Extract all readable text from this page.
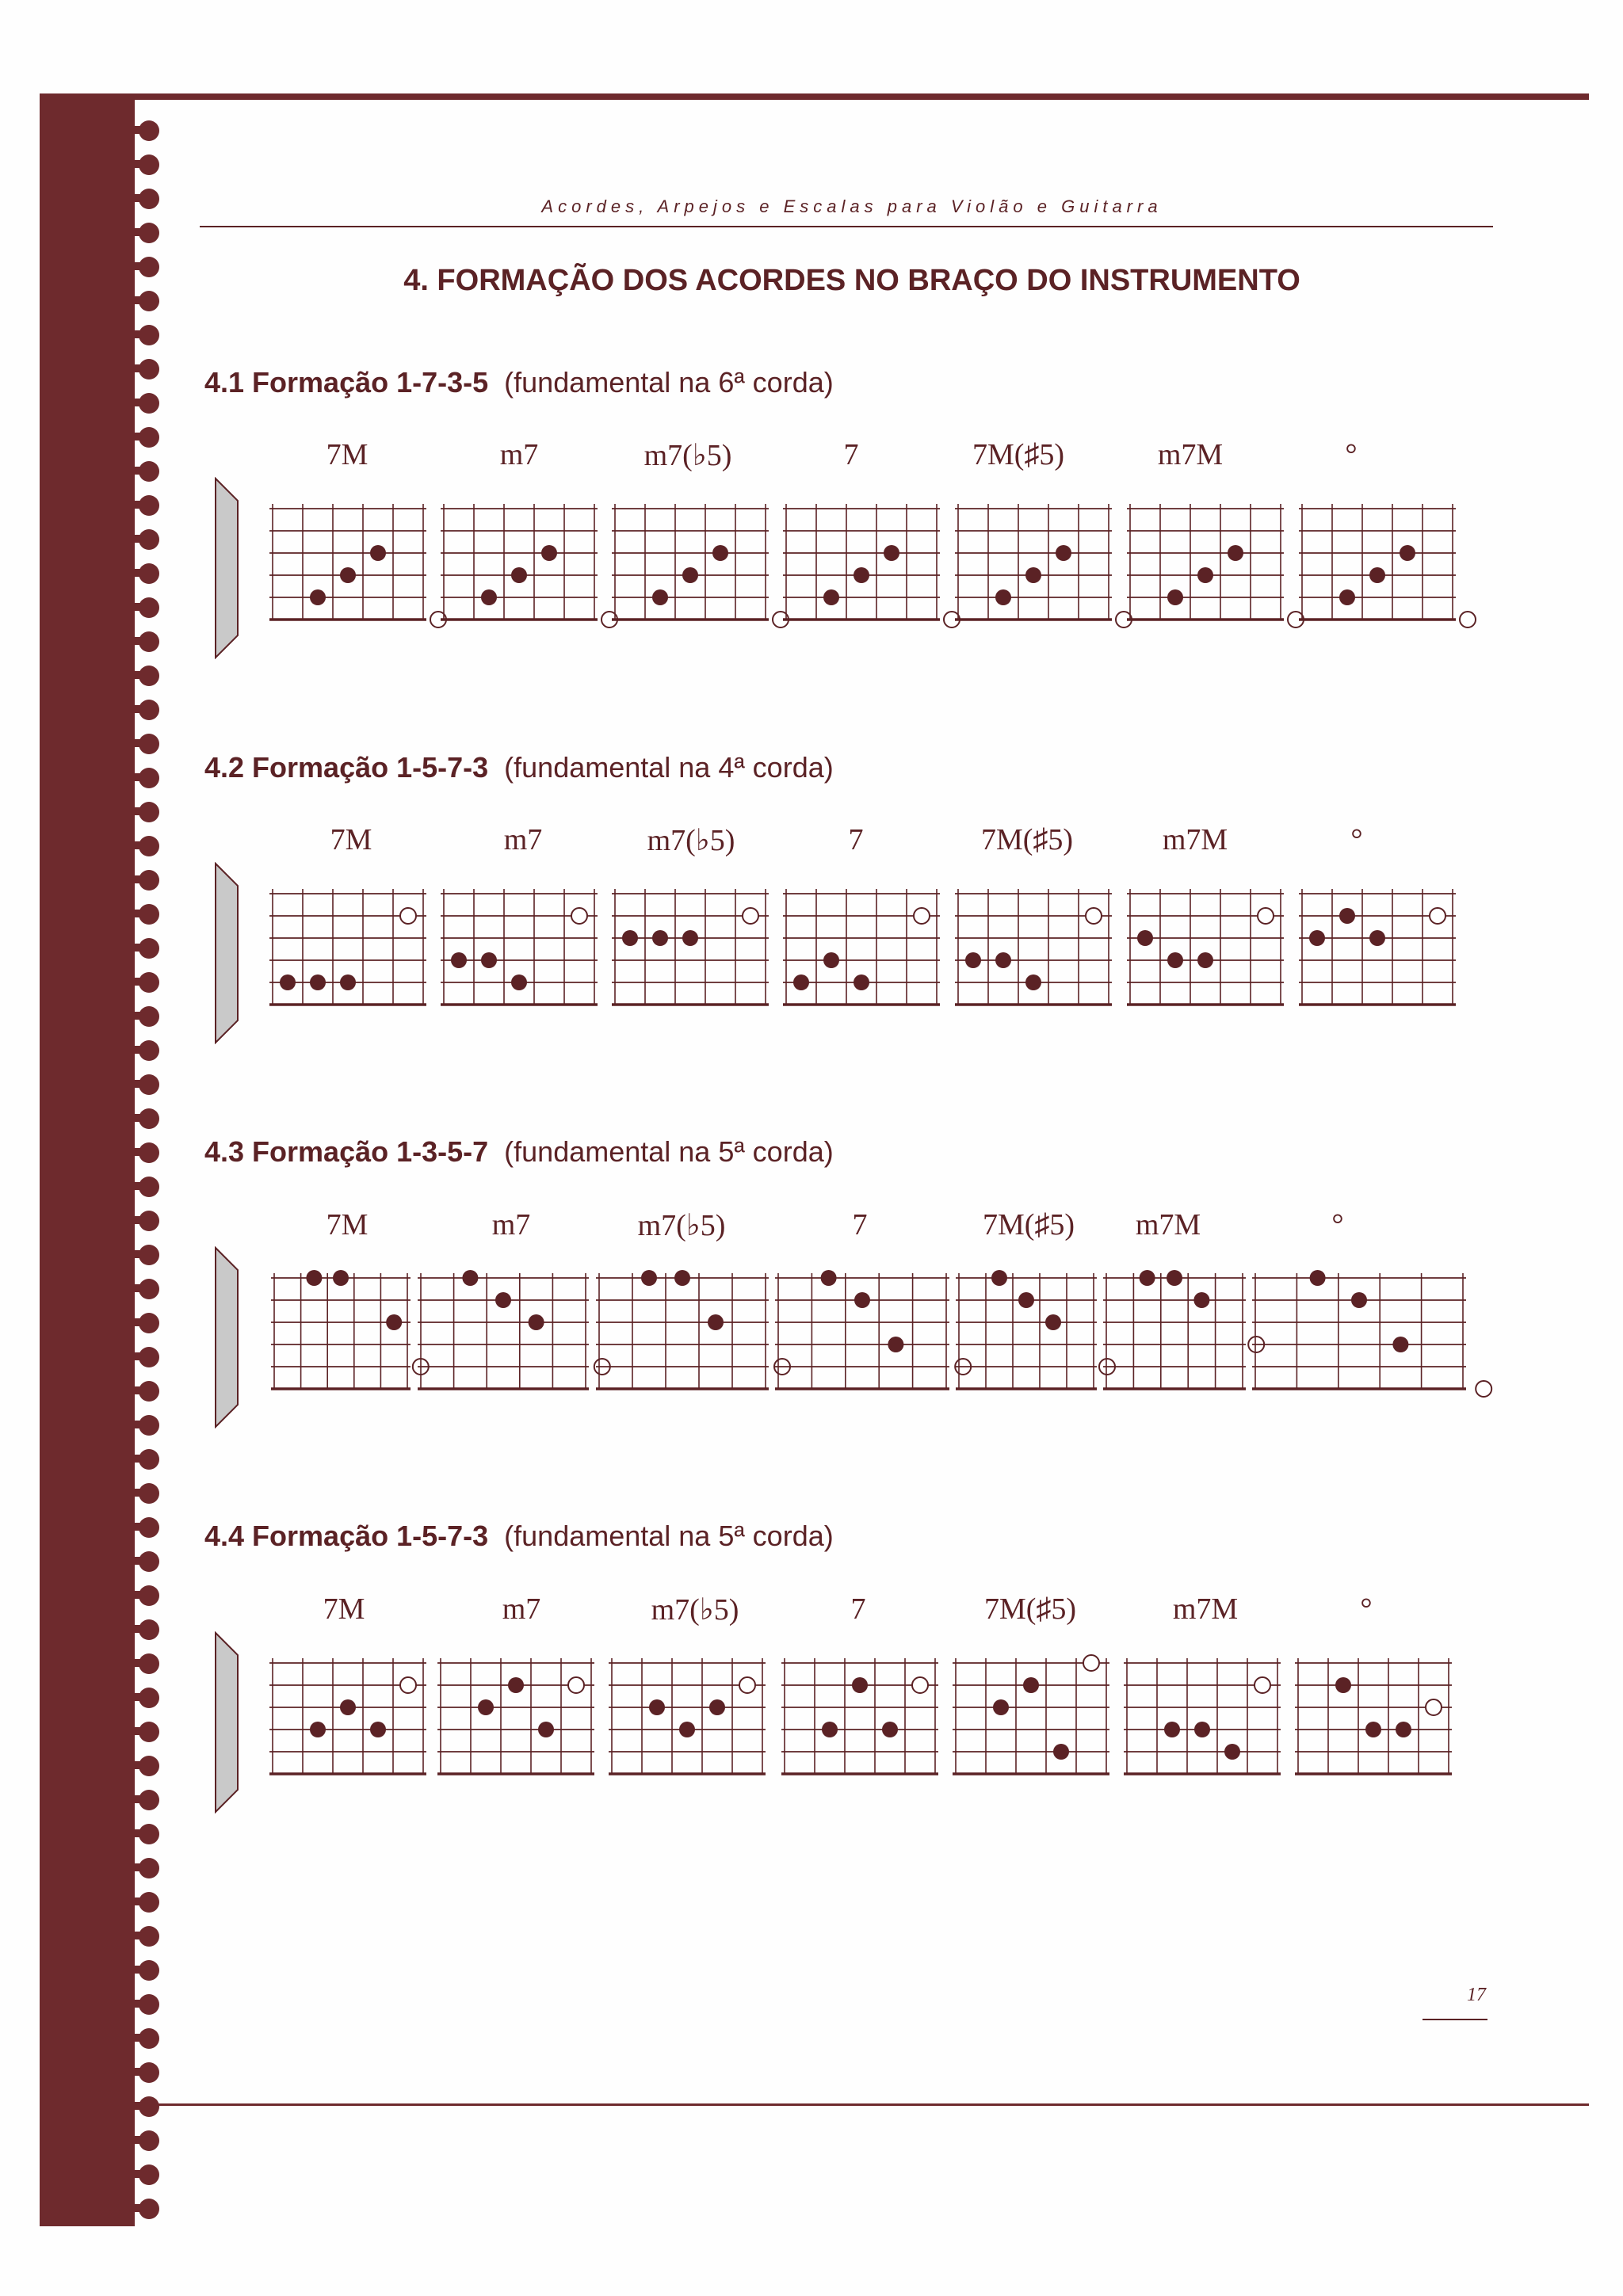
Acordes, Arpejos e Escalas para Violão e Guitarra
4. FORMAÇÃO DOS ACORDES NO BRAÇO DO INSTRUMENTO
4.1 Formação 1-7-3-5 (fundamental na 6ª corda)
4.2 Formação 1-5-7-3 (fundamental na 4ª corda)
4.3 Formação 1-3-5-7 (fundamental na 5ª corda)
4.4 Formação 1-5-7-3 (fundamental na 5ª corda)
7M	m7	m7(♭5)	7	7M(♯5)	m7M	°
7M	m7	m7(♭5)	7	7M(♯5)	m7M	°
7M	m7	m7(♭5)	7	7M(♯5) m7M	°
7M	m7	m7(♭5)	7	7M(♯5)	m7M	°
17
